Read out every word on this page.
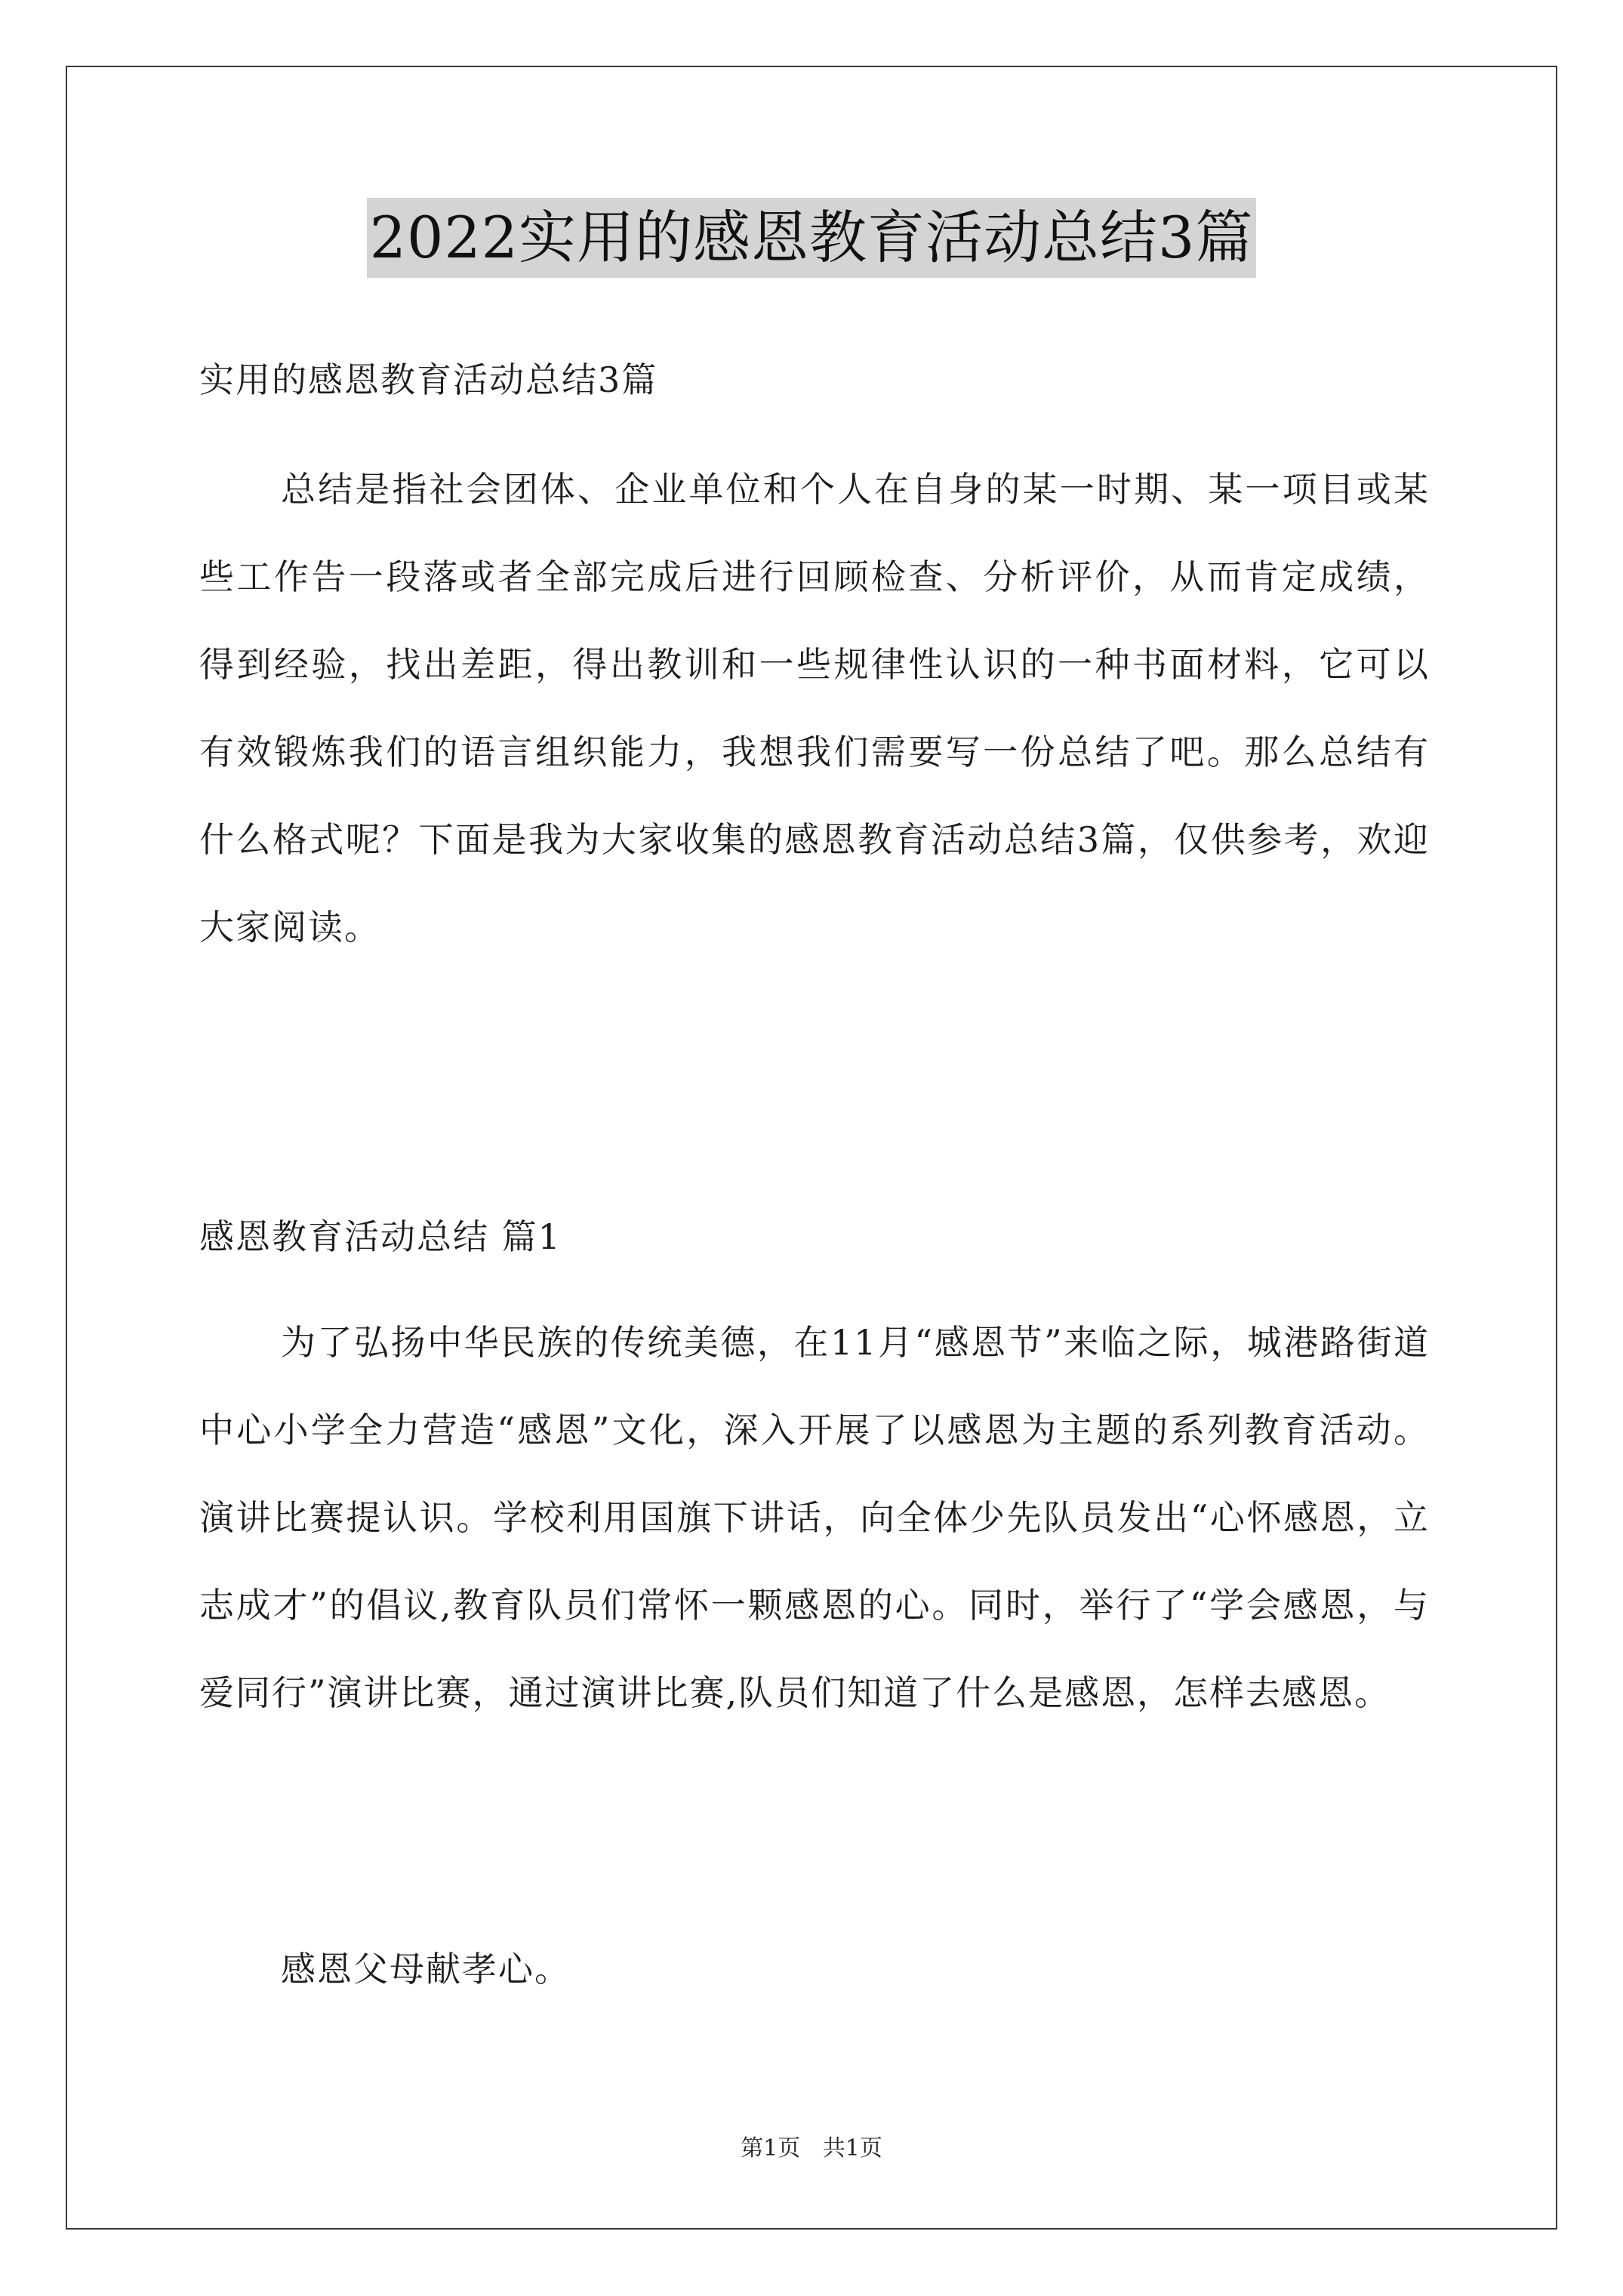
2022实用的感恩教育活动总结3篇

实用的感恩教育活动总结3篇

总结是指社会团体、企业单位和个人在自身的某一时期、某一项目或某些工作告一段落或者全部完成后进行回顾检查、分析评价，从而肯定成绩，得到经验，找出差距，得出教训和一些规律性认识的一种书面材料，它可以有效锻炼我们的语言组织能力，我想我们需要写一份总结了吧。那么总结有什么格式呢？下面是我为大家收集的感恩教育活动总结3篇，仅供参考，欢迎大家阅读。

感恩教育活动总结 篇1

为了弘扬中华民族的传统美德，在11月“感恩节”来临之际，城港路街道中心小学全力营造“感恩”文化，深入开展了以感恩为主题的系列教育活动。 演讲比赛提认识。学校利用国旗下讲话，向全体少先队员发出“心怀感恩，立志成才”的倡议,教育队员们常怀一颗感恩的心。同时，举行了“学会感恩，与爱同行”演讲比赛，通过演讲比赛,队员们知道了什么是感恩，怎样去感恩。

感恩父母献孝心。

第1页 共1页
